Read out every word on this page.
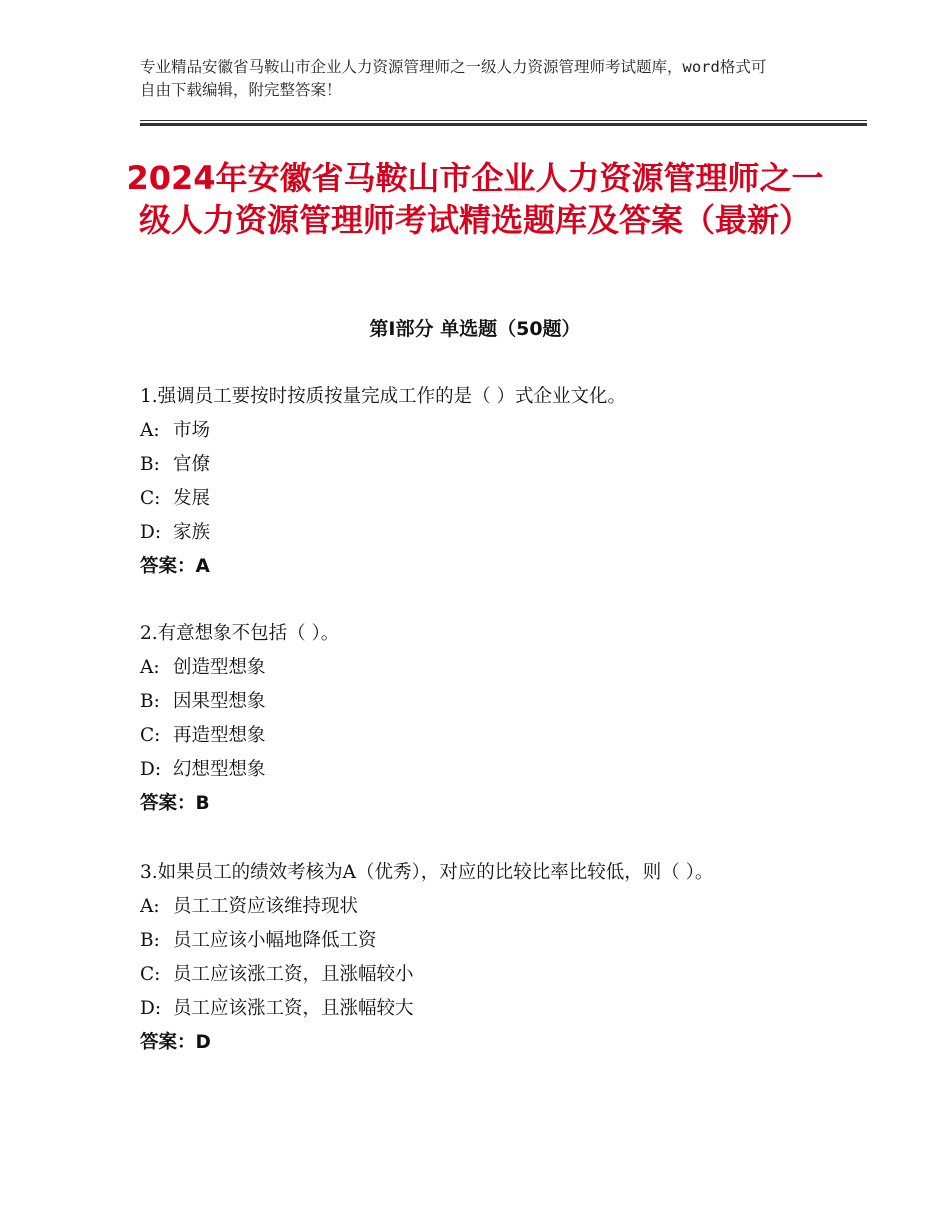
专业精品安徽省马鞍山市企业人力资源管理师之一级人力资源管理师考试题库，word格式可自由下载编辑，附完整答案！
2024年安徽省马鞍山市企业人力资源管理师之一级人力资源管理师考试精选题库及答案（最新）
第Ⅰ部分 单选题（50题）
1.强调员工要按时按质按量完成工作的是（ ）式企业文化。
A: 市场
B: 官僚
C: 发展
D: 家族
答案：A
2.有意想象不包括（ ）。
A: 创造型想象
B: 因果型想象
C: 再造型想象
D: 幻想型想象
答案：B
3.如果员工的绩效考核为A（优秀），对应的比较比率比较低，则（ ）。
A: 员工工资应该维持现状
B: 员工应该小幅地降低工资
C: 员工应该涨工资，且涨幅较小
D: 员工应该涨工资，且涨幅较大
答案：D
